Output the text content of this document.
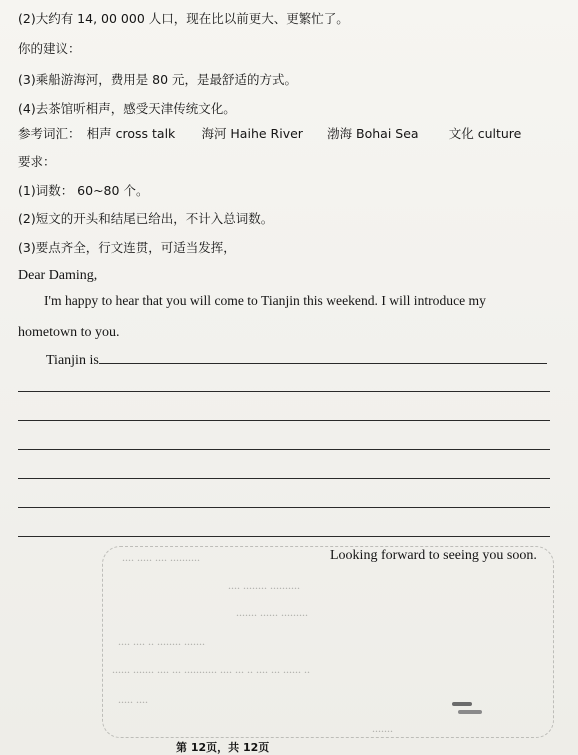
(2)大约有 14, 00 000 人口，现在比以前更大、更繁忙了。
你的建议：
(3)乘船游海河，费用是 80 元，是最舒适的方式。
(4)去茶馆听相声，感受天津传统文化。
参考词汇： 相声 cross talk 海河 Haihe River 渤海 Bohai Sea 文化 culture
要求：
(1)词数： 60~80 个。
(2)短文的开头和结尾已给出，不计入总词数。
(3)要点齐全，行文连贯，可适当发挥，
Dear Daming,
I'm happy to hear that you will come to Tianjin this weekend. I will introduce my
hometown to you.
Tianjin is
.......... .... ..... ....
.......... ........ ....
......... ...... .......
....... ........ .. .... ....
.. ...... ... .... .. ... .... ........... ... .... ....... ......
.... .....
.......
Looking forward to seeing you soon.
第 12页，共 12页
